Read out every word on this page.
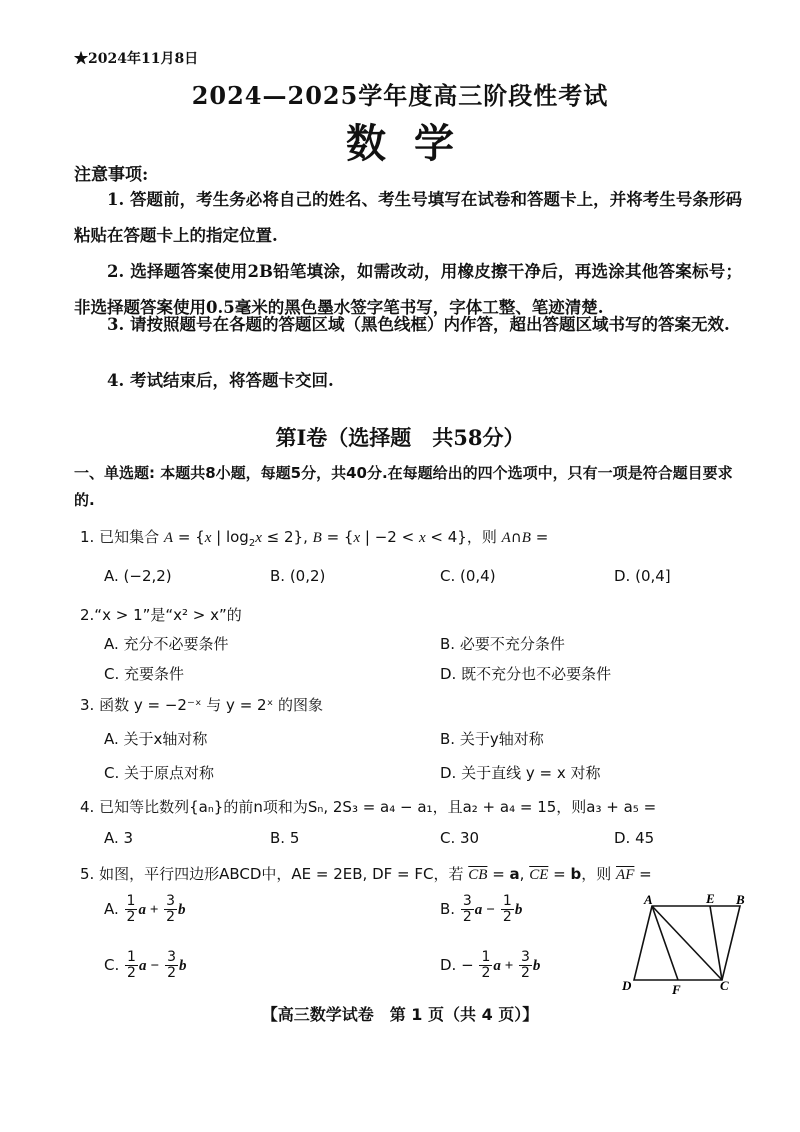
★2024年11月8日
2024—2025学年度高三阶段性考试
数学
注意事项:
1. 答题前，考生务必将自己的姓名、考生号填写在试卷和答题卡上，并将考生号条形码粘贴在答题卡上的指定位置.
2. 选择题答案使用2B铅笔填涂，如需改动，用橡皮擦干净后，再选涂其他答案标号；非选择题答案使用0.5毫米的黑色墨水签字笔书写，字体工整、笔迹清楚.
3. 请按照题号在各题的答题区域（黑色线框）内作答，超出答题区域书写的答案无效.
4. 考试结束后，将答题卡交回.
第I卷（选择题　共58分）
一、单选题: 本题共8小题，每题5分，共40分.在每题给出的四个选项中，只有一项是符合题目要求的.
1. 已知集合 A = {x | $\log_2x \le 2$}, B = {x | −2 < x < 4}，则 A∩B =
A. (−2,2)	B. (0,2)	C. (0,4)	D. (0,4]
2.“x > 1”是“x² > x”的
A. 充分不必要条件	B. 必要不充分条件
C. 充要条件	D. 既不充分也不必要条件
3. 函数 y = −2⁻ˣ 与 y = 2ˣ 的图象
A. 关于x轴对称	B. 关于y轴对称
C. 关于原点对称	D. 关于直线 y = x 对称
4. 已知等比数列{aₙ}的前n项和为Sₙ, 2S₃ = a₄ − a₁，且a₂ + a₄ = 15，则a₃ + a₅ =
A. 3	B. 5	C. 30	D. 45
5. 如图，平行四边形ABCD中，AE = 2EB, DF = FC，若 $\overline{CB} = a$, $\overline{CE} = b$，则 $\overline{AF}$ =
A. $\frac{1}{2}$ $a + \frac{3}{2}$ b	B. $\frac{3}{2}$ $a - \frac{1}{2}$ b
C. $\frac{1}{2}$ $a - \frac{3}{2}$ b	D. − $\frac{1}{2}$ $a + \frac{3}{2}$ b
A	E B
D	F	C
【高三数学试卷　第 1 页（共 4 页）】
